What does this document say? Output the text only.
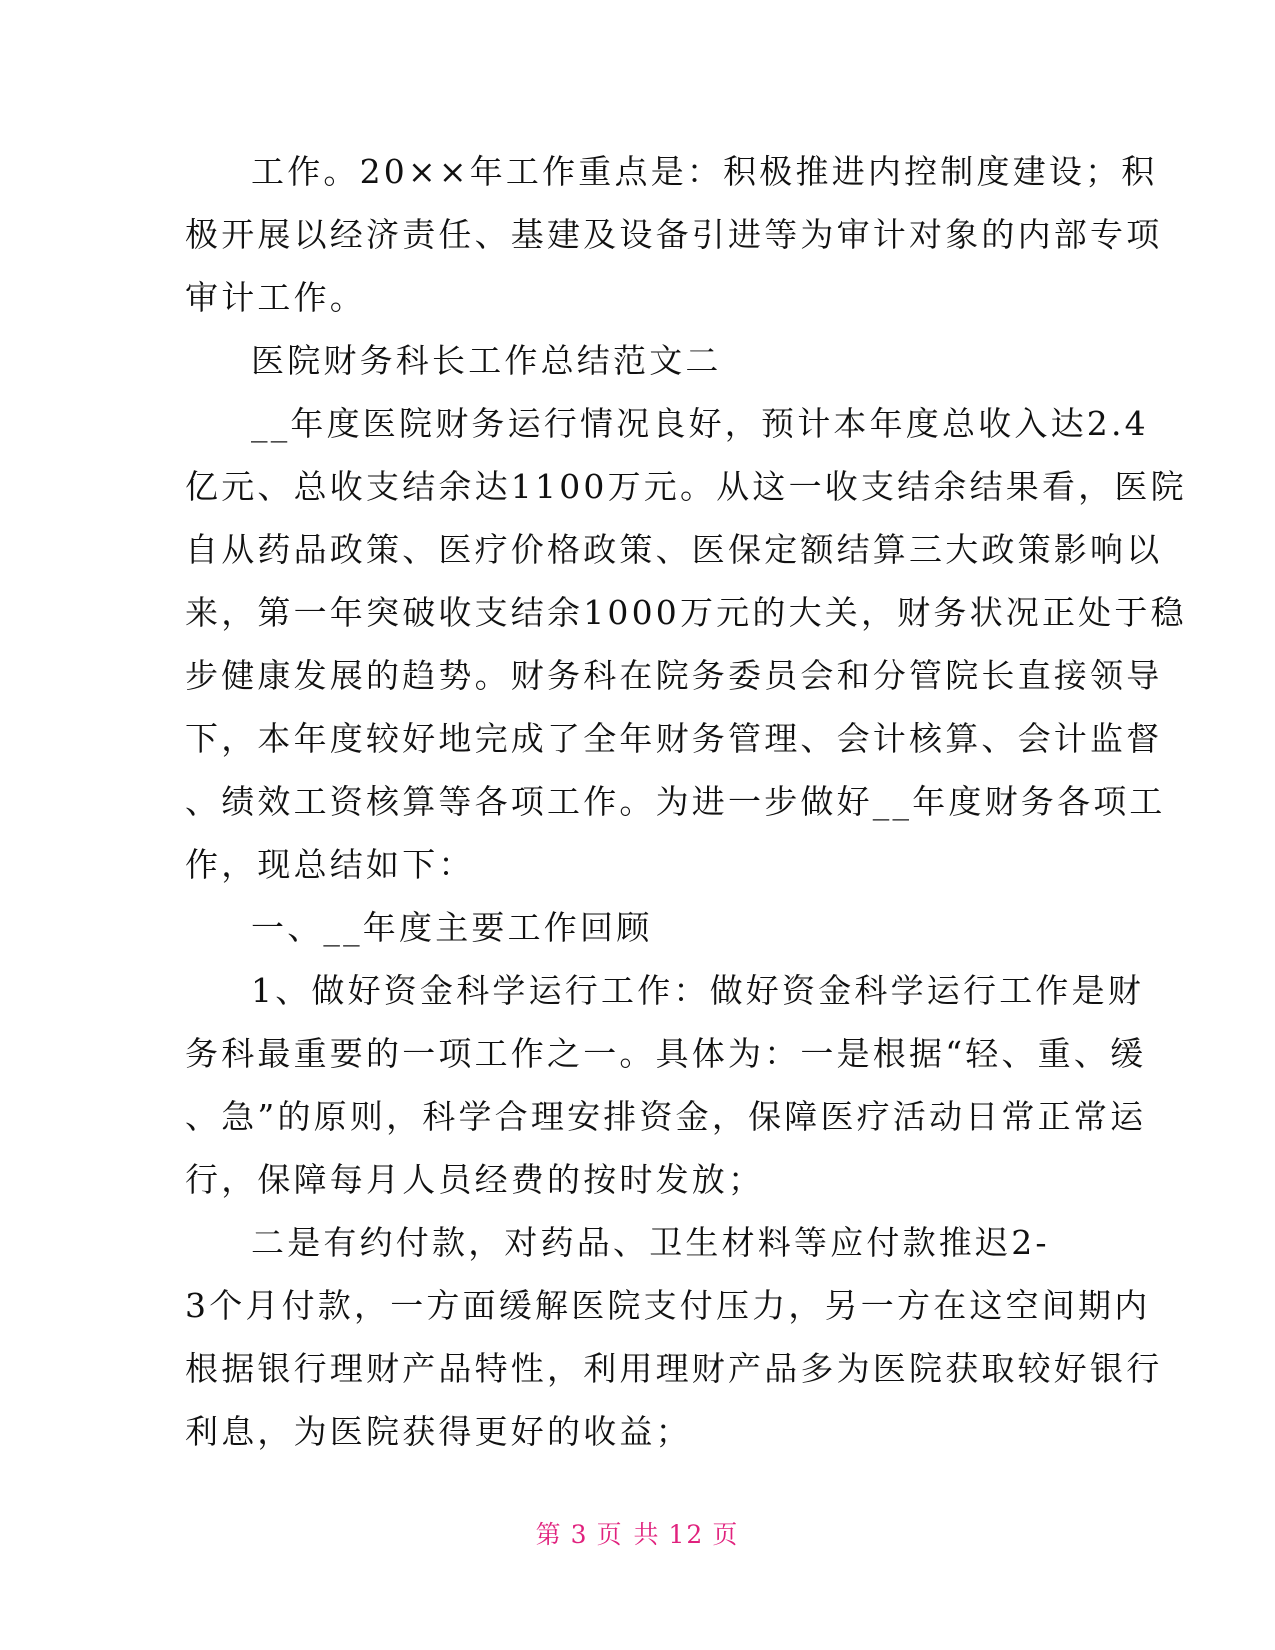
工作。20××年工作重点是：积极推进内控制度建设；积
极开展以经济责任、基建及设备引进等为审计对象的内部专项
审计工作。
医院财务科长工作总结范文二
__年度医院财务运行情况良好，预计本年度总收入达2.4
亿元、总收支结余达1100万元。从这一收支结余结果看，医院
自从药品政策、医疗价格政策、医保定额结算三大政策影响以
来，第一年突破收支结余1000万元的大关，财务状况正处于稳
步健康发展的趋势。财务科在院务委员会和分管院长直接领导
下，本年度较好地完成了全年财务管理、会计核算、会计监督
、绩效工资核算等各项工作。为进一步做好__年度财务各项工
作，现总结如下：
一、__年度主要工作回顾
1、做好资金科学运行工作：做好资金科学运行工作是财
务科最重要的一项工作之一。具体为：一是根据“轻、重、缓
、急”的原则，科学合理安排资金，保障医疗活动日常正常运
行，保障每月人员经费的按时发放；
二是有约付款，对药品、卫生材料等应付款推迟2-
3个月付款，一方面缓解医院支付压力，另一方在这空间期内
根据银行理财产品特性，利用理财产品多为医院获取较好银行
利息，为医院获得更好的收益；
第 3 页 共 12 页
